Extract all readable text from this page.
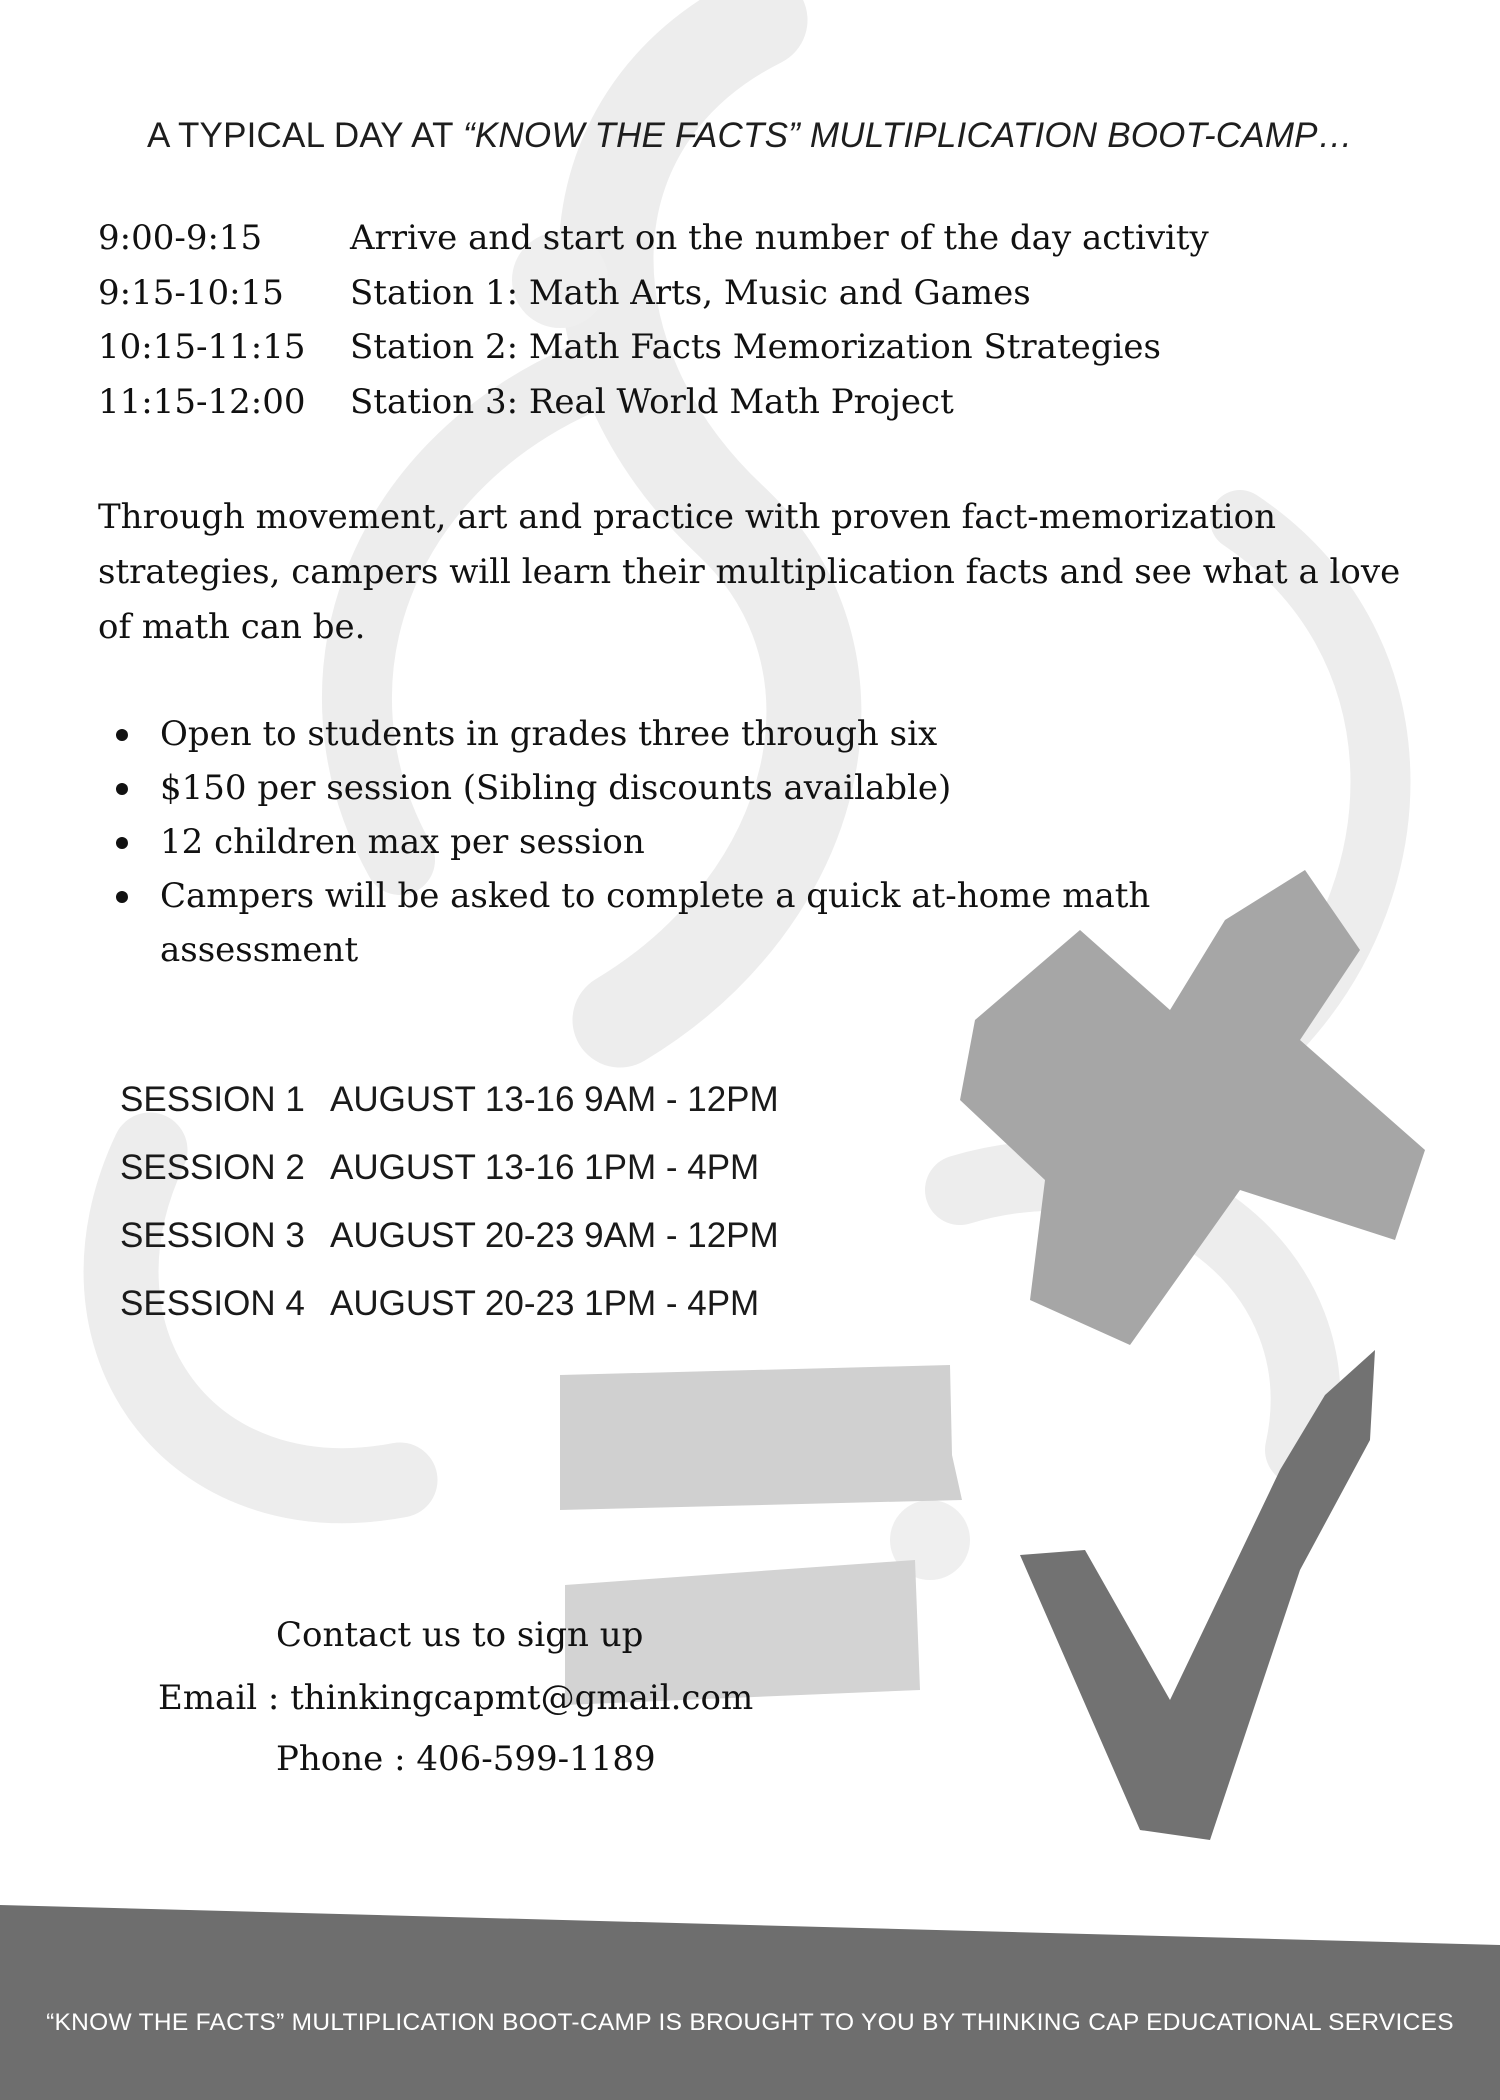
A TYPICAL DAY AT “KNOW THE FACTS” MULTIPLICATION BOOT-CAMP…
9:00-9:15	Arrive and start on the number of the day activity
9:15-10:15 Station 1: Math Arts, Music and Games
10:15-11:15 Station 2: Math Facts Memorization Strategies
11:15-12:00 Station 3: Real World Math Project
Through movement, art and practice with proven fact-memorization strategies, campers will learn their multiplication facts and see what a love of math can be.
Open to students in grades three through six
$150 per session (Sibling discounts available)
12 children max per session
Campers will be asked to complete a quick at-home math assessment
SESSION 1 AUGUST 13-16 9AM - 12PM
SESSION 2 AUGUST 13-16 1PM - 4PM
SESSION 3 AUGUST 20-23 9AM - 12PM
SESSION 4 AUGUST 20-23 1PM - 4PM
Contact us to sign up
Email : thinkingcapmt@gmail.com
Phone : 406-599-1189
“KNOW THE FACTS” MULTIPLICATION BOOT-CAMP IS BROUGHT TO YOU BY THINKING CAP EDUCATIONAL SERVICES
